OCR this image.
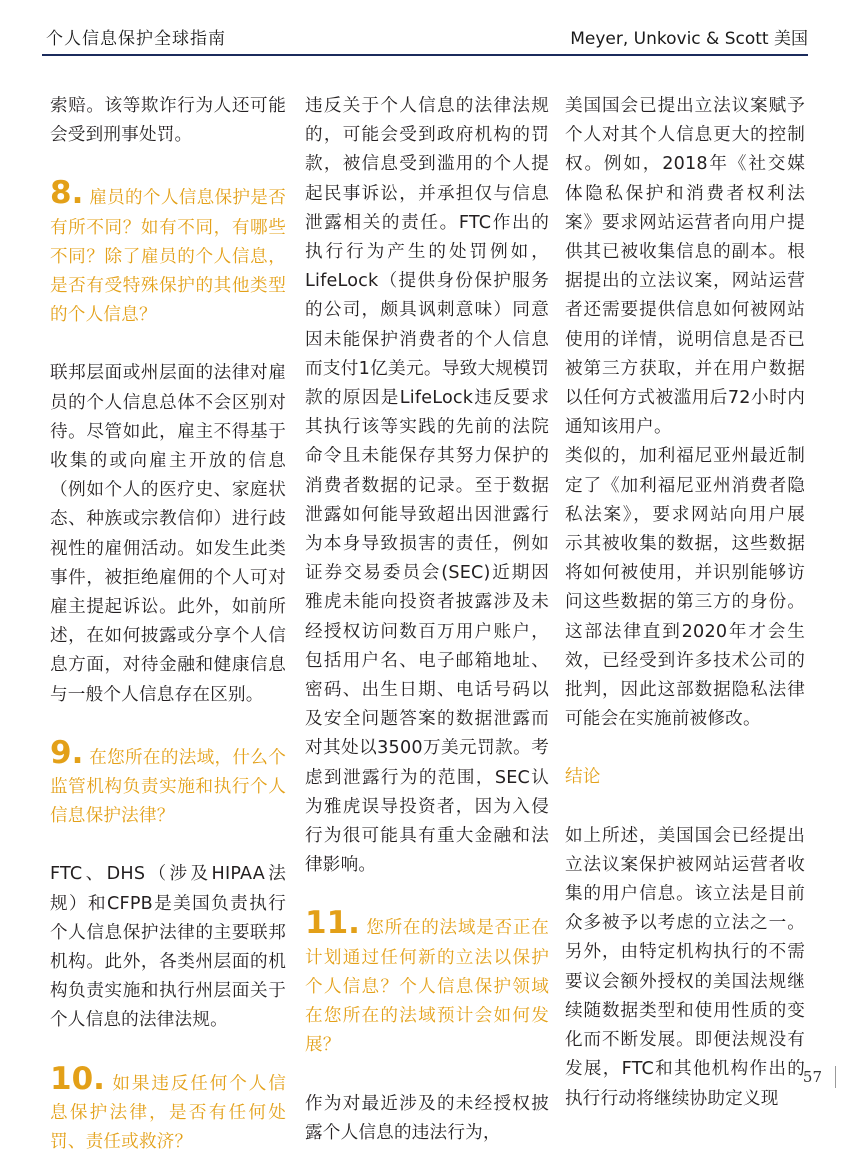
个人信息保护全球指南	Meyer, Unkovic & Scott 美国

索赔。该等欺诈行为人还可能会受到刑事处罚。

8. 雇员的个人信息保护是否有所不同？如有不同，有哪些不同？除了雇员的个人信息，是否有受特殊保护的其他类型的个人信息？

联邦层面或州层面的法律对雇员的个人信息总体不会区别对待。尽管如此，雇主不得基于收集的或向雇主开放的信息（例如个人的医疗史、家庭状态、种族或宗教信仰）进行歧视性的雇佣活动。如发生此类事件，被拒绝雇佣的个人可对雇主提起诉讼。此外，如前所述，在如何披露或分享个人信息方面，对待金融和健康信息与一般个人信息存在区别。

9. 在您所在的法域，什么个监管机构负责实施和执行个人信息保护法律？

FTC、DHS（涉及HIPAA法规）和CFPB是美国负责执行个人信息保护法律的主要联邦机构。此外，各类州层面的机构负责实施和执行州层面关于个人信息的法律法规。

10. 如果违反任何个人信息保护法律，是否有任何处罚、责任或救济？

违反关于个人信息的法律法规的，可能会受到政府机构的罚款，被信息受到滥用的个人提起民事诉讼，并承担仅与信息泄露相关的责任。FTC作出的执行行为产生的处罚例如，LifeLock（提供身份保护服务的公司，颇具讽刺意味）同意因未能保护消费者的个人信息而支付1亿美元。导致大规模罚款的原因是LifeLock违反要求其执行该等实践的先前的法院命令且未能保存其努力保护的消费者数据的记录。至于数据泄露如何能导致超出因泄露行为本身导致损害的责任，例如证券交易委员会(SEC)近期因雅虎未能向投资者披露涉及未经授权访问数百万用户账户，包括用户名、电子邮箱地址、密码、出生日期、电话号码以及安全问题答案的数据泄露而对其处以3500万美元罚款。考虑到泄露行为的范围，SEC认为雅虎误导投资者，因为入侵行为很可能具有重大金融和法律影响。

11. 您所在的法域是否正在计划通过任何新的立法以保护个人信息？个人信息保护领域在您所在的法域预计会如何发展？

作为对最近涉及的未经授权披露个人信息的违法行为，

美国国会已提出立法议案赋予个人对其个人信息更大的控制权。例如，2018年《社交媒体隐私保护和消费者权利法案》要求网站运营者向用户提供其已被收集信息的副本。根据提出的立法议案，网站运营者还需要提供信息如何被网站使用的详情，说明信息是否已被第三方获取，并在用户数据以任何方式被滥用后72小时内通知该用户。

类似的，加利福尼亚州最近制定了《加利福尼亚州消费者隐私法案》，要求网站向用户展示其被收集的数据，这些数据将如何被使用，并识别能够访问这些数据的第三方的身份。这部法律直到2020年才会生效，已经受到许多技术公司的批判，因此这部数据隐私法律可能会在实施前被修改。

结论

如上所述，美国国会已经提出立法议案保护被网站运营者收集的用户信息。该立法是目前众多被予以考虑的立法之一。另外，由特定机构执行的不需要议会额外授权的美国法规继续随数据类型和使用性质的变化而不断发展。即便法规没有发展，FTC和其他机构作出的执行行动将继续协助定义现

57
